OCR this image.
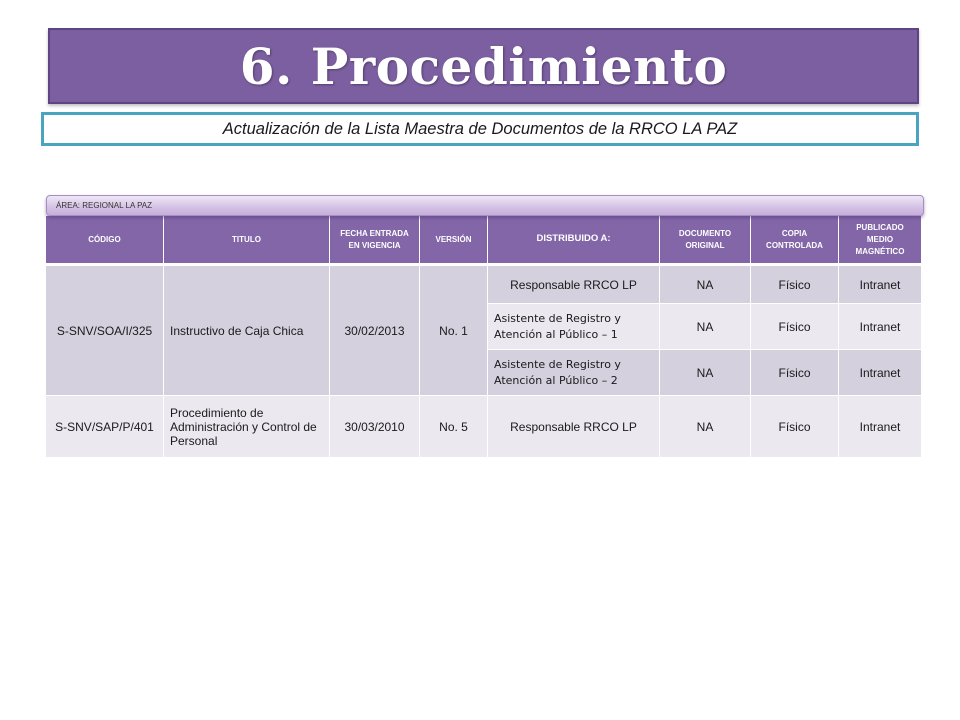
6. Procedimiento
Actualización de la Lista Maestra de Documentos de la RRCO LA PAZ
ÁREA: REGIONAL LA PAZ
CÓDIGO	TITULO	FECHA ENTRADA EN VIGENCIA	VERSIÓN	DISTRIBUIDO A:	DOCUMENTO ORIGINAL	COPIA CONTROLADA	PUBLICADO MEDIO MAGNÉTICO
S-SNV/SOA/I/325	Instructivo de Caja Chica	30/02/2013	No. 1	Responsable RRCO LP	NA	Físico	Intranet
				Asistente de Registro y Atención al Público – 1	NA	Físico	Intranet
				Asistente de Registro y Atención al Público – 2	NA	Físico	Intranet
S-SNV/SAP/P/401	Procedimiento de Administración y Control de Personal	30/03/2010	No. 5	Responsable RRCO LP	NA	Físico	Intranet
